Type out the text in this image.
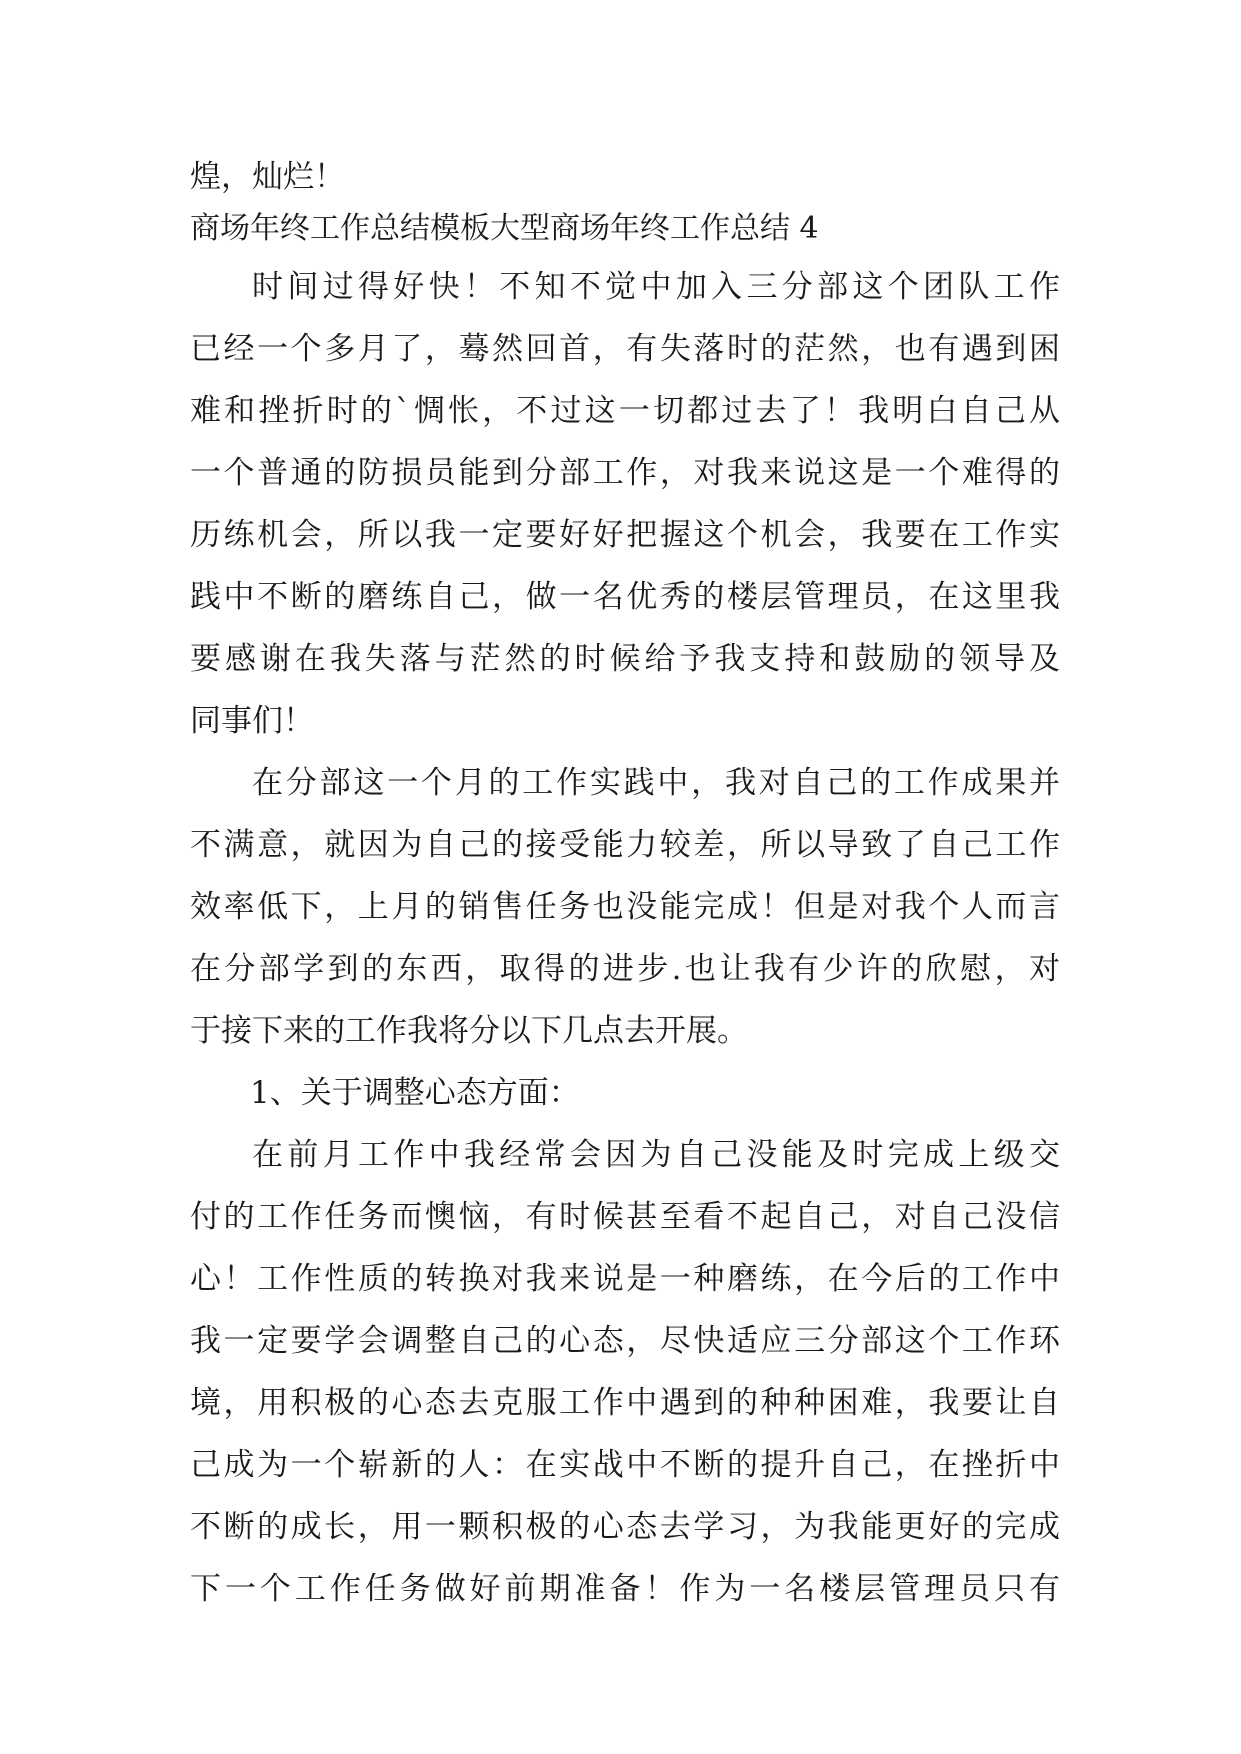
煌，灿烂！
商场年终工作总结模板大型商场年终工作总结 4
时间过得好快！不知不觉中加入三分部这个团队工作
已经一个多月了，蓦然回首，有失落时的茫然，也有遇到困
难和挫折时的`惆怅，不过这一切都过去了！我明白自己从
一个普通的防损员能到分部工作，对我来说这是一个难得的
历练机会，所以我一定要好好把握这个机会，我要在工作实
践中不断的磨练自己，做一名优秀的楼层管理员，在这里我
要感谢在我失落与茫然的时候给予我支持和鼓励的领导及
同事们！
在分部这一个月的工作实践中，我对自己的工作成果并
不满意，就因为自己的接受能力较差，所以导致了自己工作
效率低下，上月的销售任务也没能完成！但是对我个人而言
在分部学到的东西，取得的进步.也让我有少许的欣慰，对
于接下来的工作我将分以下几点去开展。
1、关于调整心态方面：
在前月工作中我经常会因为自己没能及时完成上级交
付的工作任务而懊恼，有时候甚至看不起自己，对自己没信
心！工作性质的转换对我来说是一种磨练，在今后的工作中
我一定要学会调整自己的心态，尽快适应三分部这个工作环
境，用积极的心态去克服工作中遇到的种种困难，我要让自
己成为一个崭新的人：在实战中不断的提升自己，在挫折中
不断的成长，用一颗积极的心态去学习，为我能更好的完成
下一个工作任务做好前期准备！作为一名楼层管理员只有
